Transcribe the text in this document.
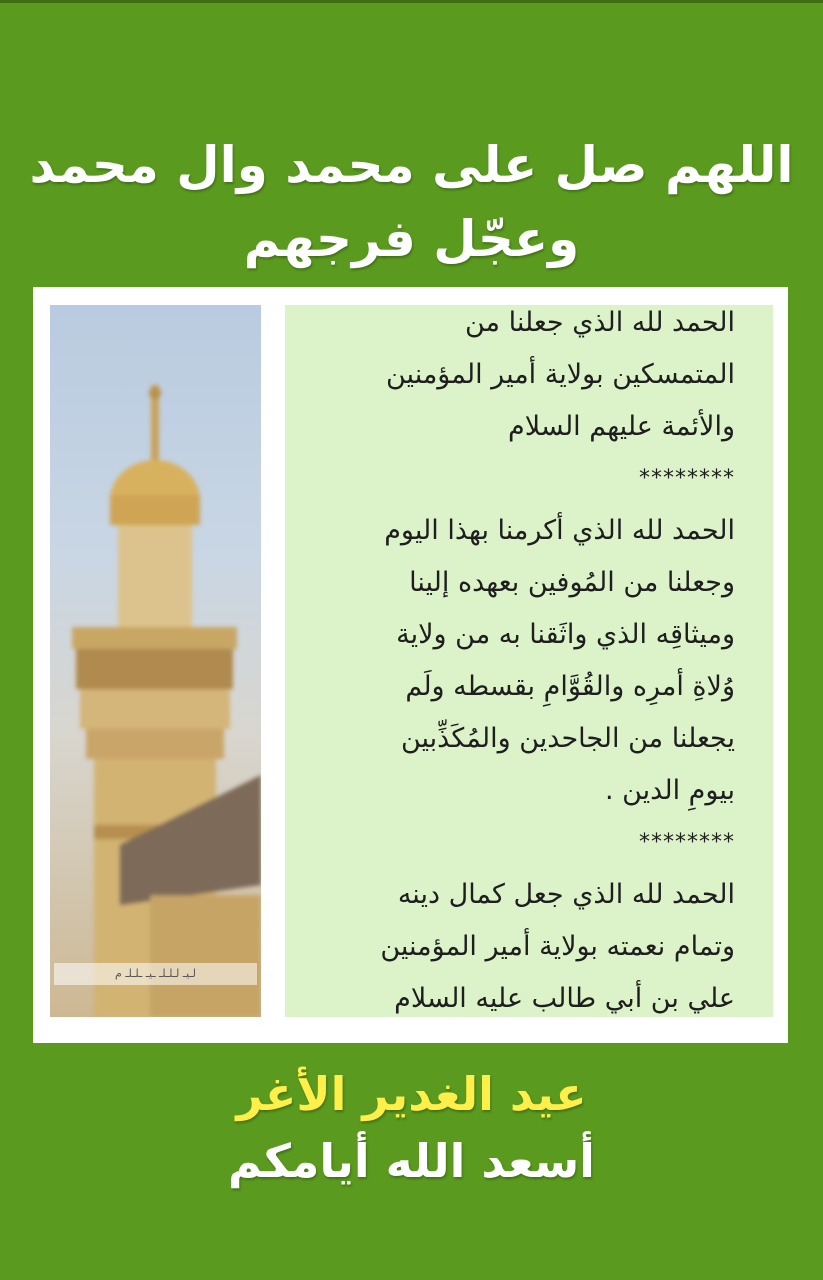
اللهم صل على محمد وال محمد
وعجّل فرجهم
لـيـ لـلـلـ ـيـ ـلـلـ م
الحمد لله الذي جعلنا من
المتمسكين بولاية أمير المؤمنين
والأئمة عليهم السلام
********
الحمد لله الذي أكرمنا بهذا اليوم
وجعلنا من المُوفين بعهده إلينا
وميثاقِه الذي واثَقنا به من ولاية
وُلاةِ أمرِه والقُوَّامِ بقسطه ولَم
يجعلنا من الجاحدين والمُكَذِّبين
بيومِ الدين .
********
الحمد لله الذي جعل كمال دينه
وتمام نعمته بولاية أمير المؤمنين
علي بن أبي طالب عليه السلام
عيد الغدير الأغر
أسعد الله أيامكم
